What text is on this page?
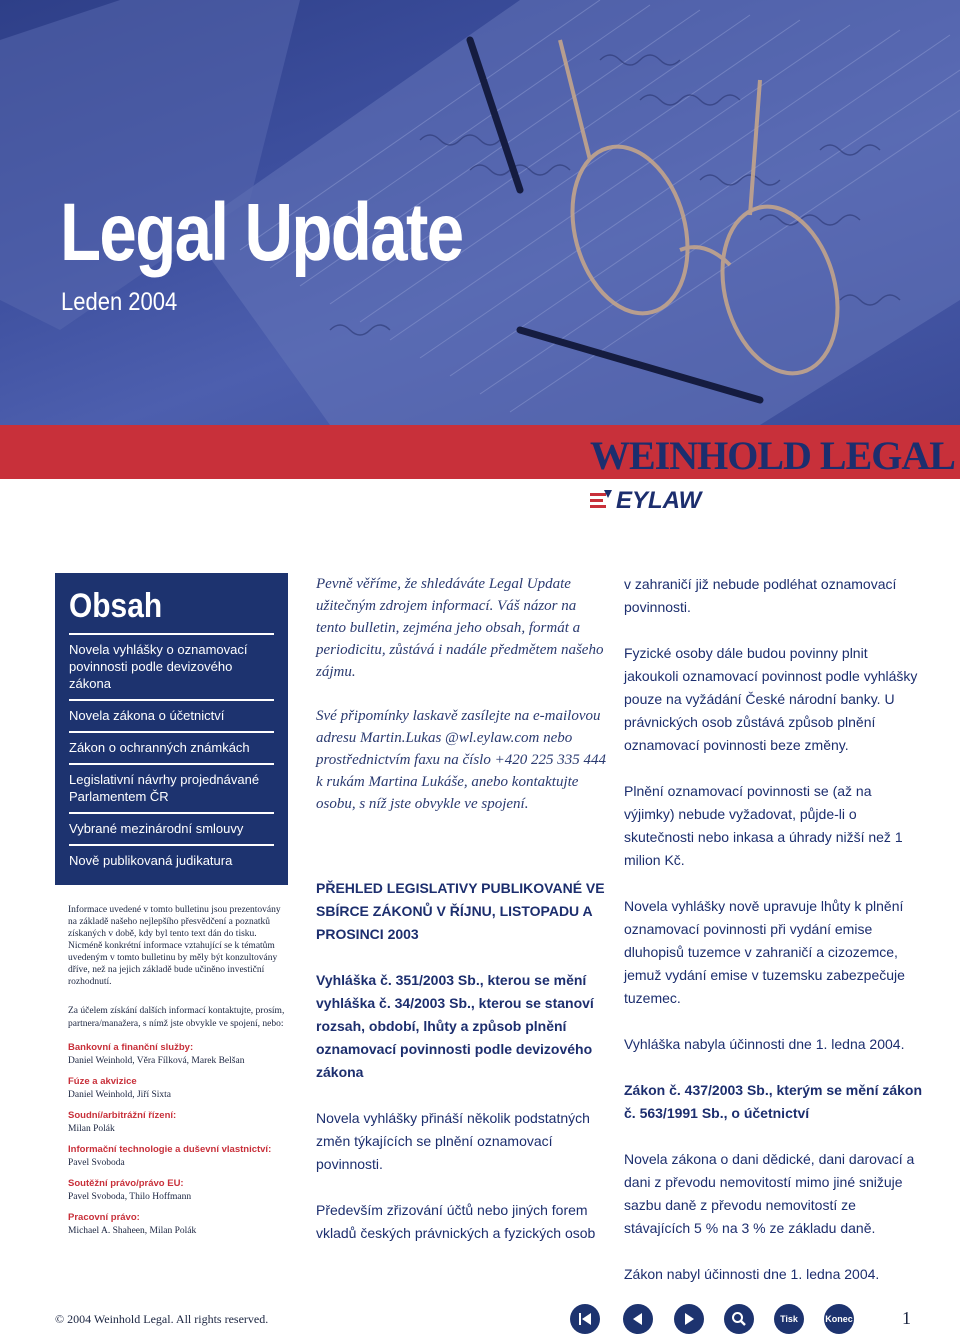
Legal Update
Leden 2004
WEINHOLD LEGAL
EYLAW
Obsah
Novela vyhlášky o oznamovací povinnosti podle devizového zákona
Novela zákona o účetnictví
Zákon o ochranných známkách
Legislativní návrhy projednávané Parlamentem ČR
Vybrané mezinárodní smlouvy
Nově publikovaná judikatura

Informace uvedené v tomto bulletinu jsou prezentovány na základě našeho nejlepšího přesvědčení a poznatků získaných v době, kdy byl tento text dán do tisku. Nicméně konkrétní informace vztahující se k tématům uvedeným v tomto bulletinu by měly být konzultovány dříve, než na jejich základě bude učiněno investiční rozhodnutí.

Za účelem získání dalších informací kontaktujte, prosím, partnera/manažera, s nímž jste obvykle ve spojení, nebo:

Bankovní a finanční služby:
Daniel Weinhold, Věra Fílková, Marek Belšan
Fúze a akvizice
Daniel Weinhold, Jiří Sixta
Soudní/arbitrážní řízení:
Milan Polák
Informační technologie a duševní vlastnictví:
Pavel Svoboda
Soutěžní právo/právo EU:
Pavel Svoboda, Thilo Hoffmann
Pracovní právo:
Michael A. Shaheen, Milan Polák

Pevně věříme, že shledáváte Legal Update užitečným zdrojem informací. Váš názor na tento bulletin, zejména jeho obsah, formát a periodicitu, zůstává i nadále předmětem našeho zájmu.

Své připomínky laskavě zasílejte na e-mailovou adresu Martin.Lukas @wl.eylaw.com nebo prostřednictvím faxu na číslo +420 225 335 444 k rukám Martina Lukáše, anebo kontaktujte osobu, s níž jste obvykle ve spojení.

PŘEHLED LEGISLATIVY PUBLIKOVANÉ VE SBÍRCE ZÁKONŮ V ŘÍJNU, LISTOPADU A PROSINCI 2003

Vyhláška č. 351/2003 Sb., kterou se mění vyhláška č. 34/2003 Sb., kterou se stanoví rozsah, období, lhůty a způsob plnění oznamovací povinnosti podle devizového zákona

Novela vyhlášky přináší několik podstatných změn týkajících se plnění oznamovací povinnosti.

Především zřizování účtů nebo jiných forem vkladů českých právnických a fyzických osob

v zahraničí již nebude podléhat oznamovací povinnosti.

Fyzické osoby dále budou povinny plnit jakoukoli oznamovací povinnost podle vyhlášky pouze na vyžádání České národní banky. U právnických osob zůstává způsob plnění oznamovací povinnosti beze změny.

Plnění oznamovací povinnosti se (až na výjimky) nebude vyžadovat, půjde-li o skutečnosti nebo inkasa a úhrady nižší než 1 milion Kč.

Novela vyhlášky nově upravuje lhůty k plnění oznamovací povinnosti při vydání emise dluhopisů tuzemce v zahraničí a cizozemce, jemuž vydání emise v tuzemsku zabezpečuje tuzemec.

Vyhláška nabyla účinnosti dne 1. ledna 2004.

Zákon č. 437/2003 Sb., kterým se mění zákon č. 563/1991 Sb., o účetnictví

Novela zákona o dani dědické, dani darovací a dani z převodu nemovitostí mimo jiné snižuje sazbu daně z převodu nemovitostí ze stávajících 5 % na 3 % ze základu daně.

Zákon nabyl účinnosti dne 1. ledna 2004.

© 2004 Weinhold Legal. All rights reserved.	Tisk	Konec	1
